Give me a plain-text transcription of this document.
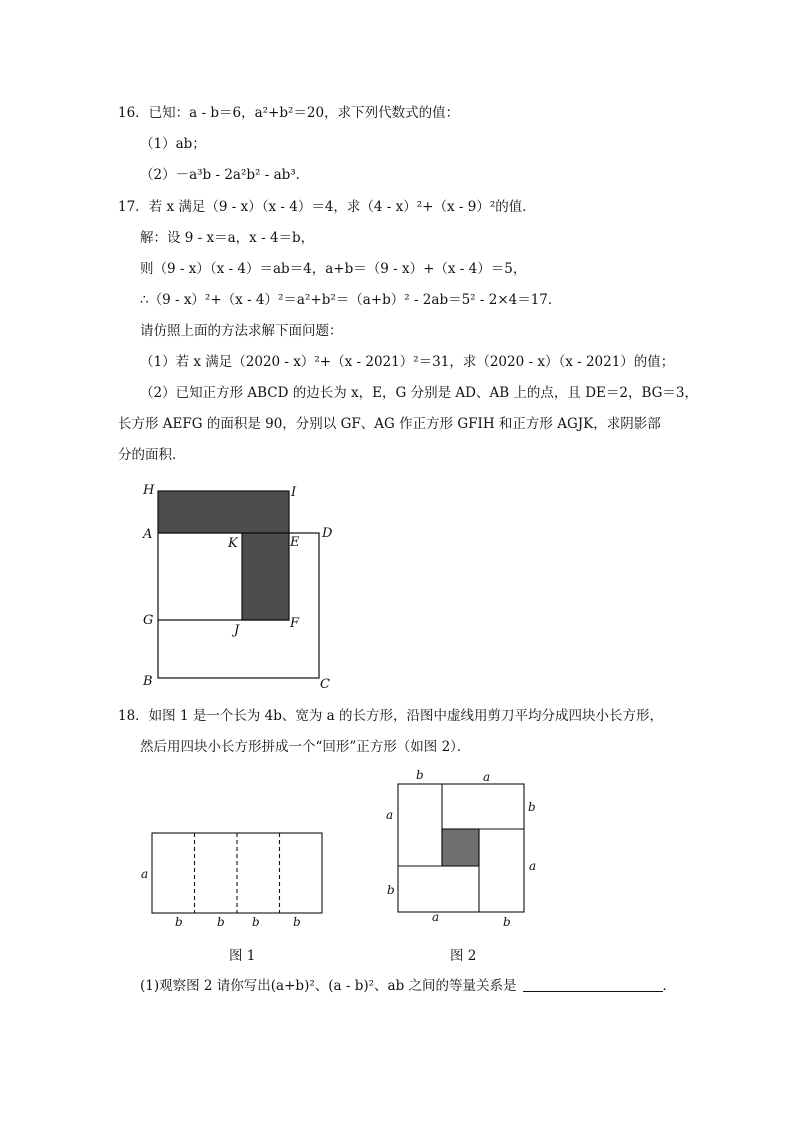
16．已知：a - b＝6，a²+b²＝20，求下列代数式的值：
（1）ab；
（2）－a³b - 2a²b² - ab³．
17．若 x 满足（9 - x）（x - 4）＝4，求（4 - x）²+（x - 9）²的值．
解：设 9 - x＝a，x - 4＝b，
则（9 - x）（x - 4）＝ab＝4，a+b＝（9 - x）+（x - 4）＝5，
∴（9 - x）²+（x - 4）²＝a²+b²＝（a+b）² - 2ab＝5² - 2×4＝17．
请仿照上面的方法求解下面问题：
（1）若 x 满足（2020 - x）²+（x - 2021）²＝31，求（2020 - x）（x - 2021）的值；
（2）已知正方形 ABCD 的边长为 x，E，G 分别是 AD、AB 上的点，且 DE＝2，BG＝3，
长方形 AEFG 的面积是 90，分别以 GF、AG 作正方形 GFIH 和正方形 AGJK，求阴影部
分的面积．
H	I
A	D
K	E
G
J	F
B	C
18．如图 1 是一个长为 4b、宽为 a 的长方形，沿图中虚线用剪刀平均分成四块小长方形，
然后用四块小长方形拼成一个“回形”正方形（如图 2）．
a
b	b b	b
b	a
a
b
b
a
a	b
图 1	图 2
(1)观察图 2 请你写出(a+b)²、(a - b)²、ab 之间的等量关系是	．
